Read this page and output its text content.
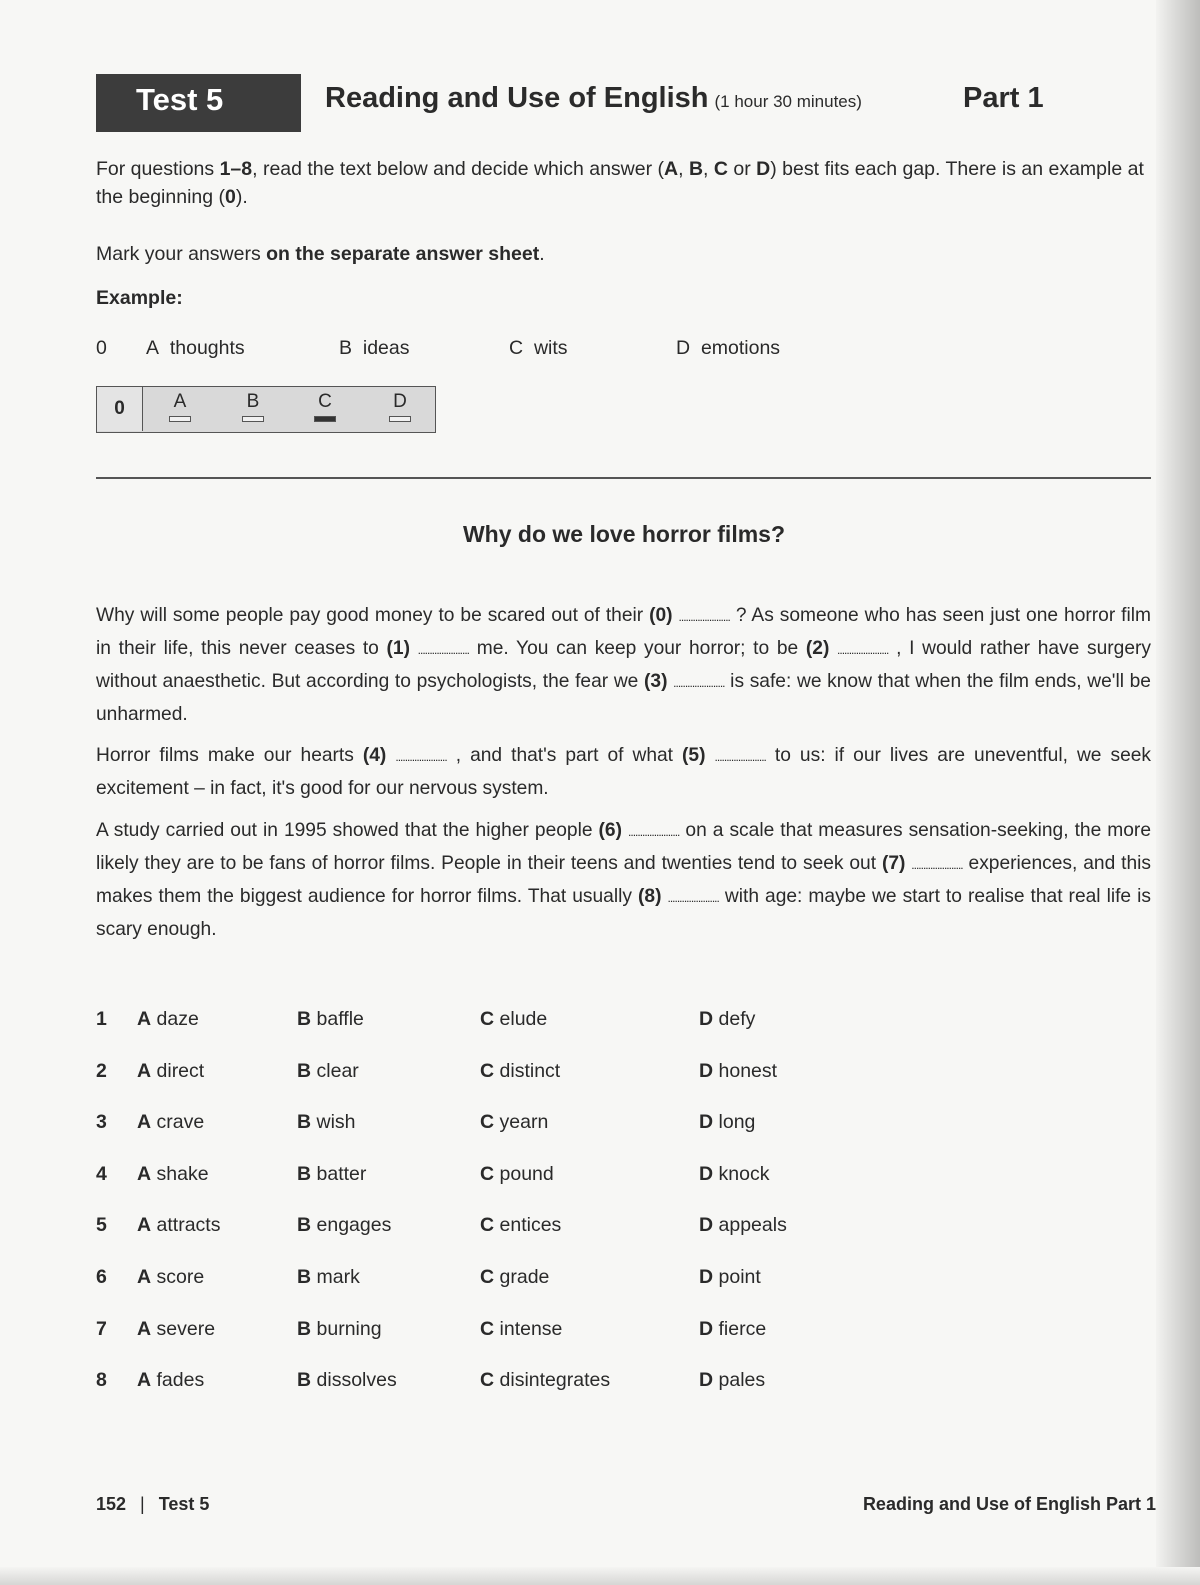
Test 5	Reading and Use of English (1 hour 30 minutes)	Part 1
For questions 1–8, read the text below and decide which answer (A, B, C or D) best fits each gap. There is an example at the beginning (0).
Mark your answers on the separate answer sheet.
Example:
0 A thoughts	B ideas	C wits	D emotions
0	A	B	C	D
Why do we love horror films?

Why will some people pay good money to be scared out of their (0) ...................... ? As someone who has seen just one horror film in their life, this never ceases to (1) ...................... me. You can keep your horror; to be (2) ...................... , I would rather have surgery without anaesthetic. But according to psychologists, the fear we (3) ...................... is safe: we know that when the film ends, we'll be unharmed.

Horror films make our hearts (4) ...................... , and that's part of what (5) ...................... to us: if our lives are uneventful, we seek excitement – in fact, it's good for our nervous system.

A study carried out in 1995 showed that the higher people (6) ...................... on a scale that measures sensation-seeking, the more likely they are to be fans of horror films. People in their teens and twenties tend to seek out (7) ...................... experiences, and this makes them the biggest audience for horror films. That usually (8) ...................... with age: maybe we start to realise that real life is scary enough.

1 A daze	B baffle	C elude	D defy
2 A direct	B clear	C distinct	D honest
3 A crave	B wish	C yearn	D long
4 A shake	B batter	C pound	D knock
5 A attracts	B engages	C entices	D appeals
6 A score	B mark	C grade	D point
7 A severe	B burning	C intense	D fierce
8 A fades	B dissolves	C disintegrates	D pales
152 | Test 5	Reading and Use of English Part 1
